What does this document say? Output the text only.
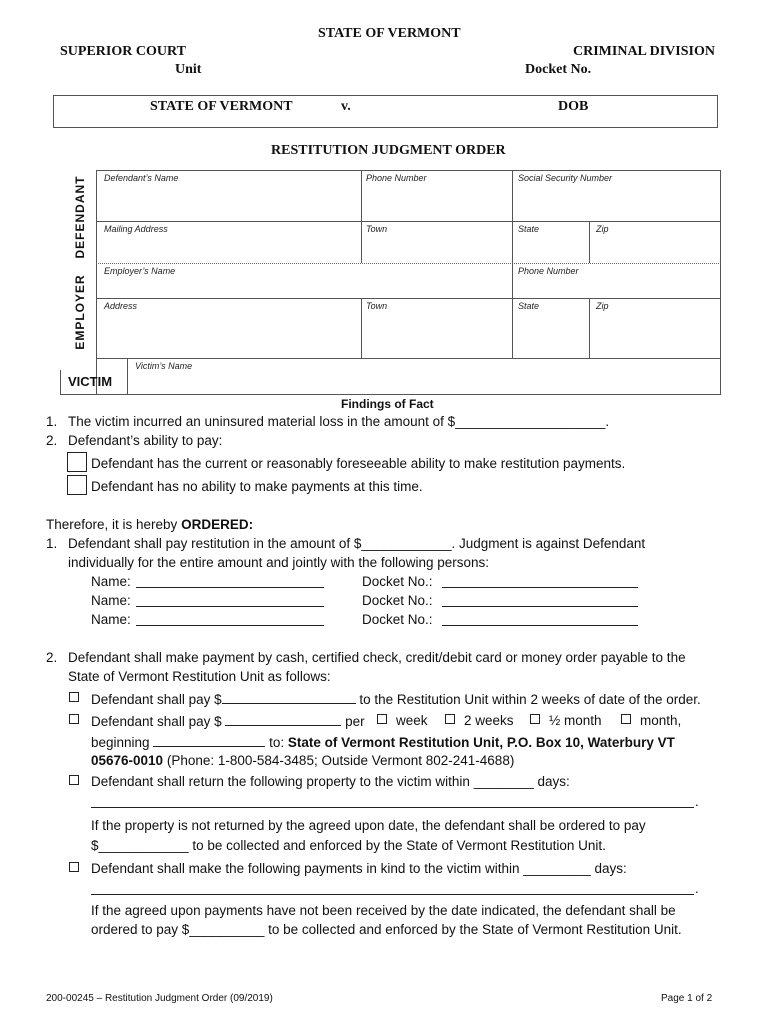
STATE OF VERMONT
SUPERIOR COURT	CRIMINAL DIVISION
Unit	Docket No.
STATE OF VERMONT	v.	DOB
RESTITUTION JUDGMENT ORDER
DEFENDANT
EMPLOYER
VICTIM
Defendant’s Name	Phone Number	Social Security Number
Mailing Address	Town	State	Zip
Employer’s Name	Phone Number
Address	Town	State	Zip
Victim’s Name
Findings of Fact
1. The victim incurred an uninsured material loss in the amount of $____________________.
2. Defendant’s ability to pay:
Defendant has the current or reasonably foreseeable ability to make restitution payments.
Defendant has no ability to make payments at this time.
Therefore, it is hereby ORDERED:
1. Defendant shall pay restitution in the amount of $____________. Judgment is against Defendant
individually for the entire amount and jointly with the following persons:
Name:	Docket No.:
Name:	Docket No.:
Name:	Docket No.:
2. Defendant shall make payment by cash, certified check, credit/debit card or money order payable to the
State of Vermont Restitution Unit as follows:
Defendant shall pay $	to the Restitution Unit within 2 weeks of date of the order.
Defendant shall pay $	per week	2 weeks	½ month	month,
beginning	to: State of Vermont Restitution Unit, P.O. Box 10, Waterbury VT
05676-0010 (Phone: 1-800-584-3485; Outside Vermont 802-241-4688)
Defendant shall return the following property to the victim within ________ days:
.
If the property is not returned by the agreed upon date, the defendant shall be ordered to pay
$____________ to be collected and enforced by the State of Vermont Restitution Unit.
Defendant shall make the following payments in kind to the victim within _________ days:
.
If the agreed upon payments have not been received by the date indicated, the defendant shall be
ordered to pay $__________ to be collected and enforced by the State of Vermont Restitution Unit.
200-00245 – Restitution Judgment Order (09/2019)	Page 1 of 2
